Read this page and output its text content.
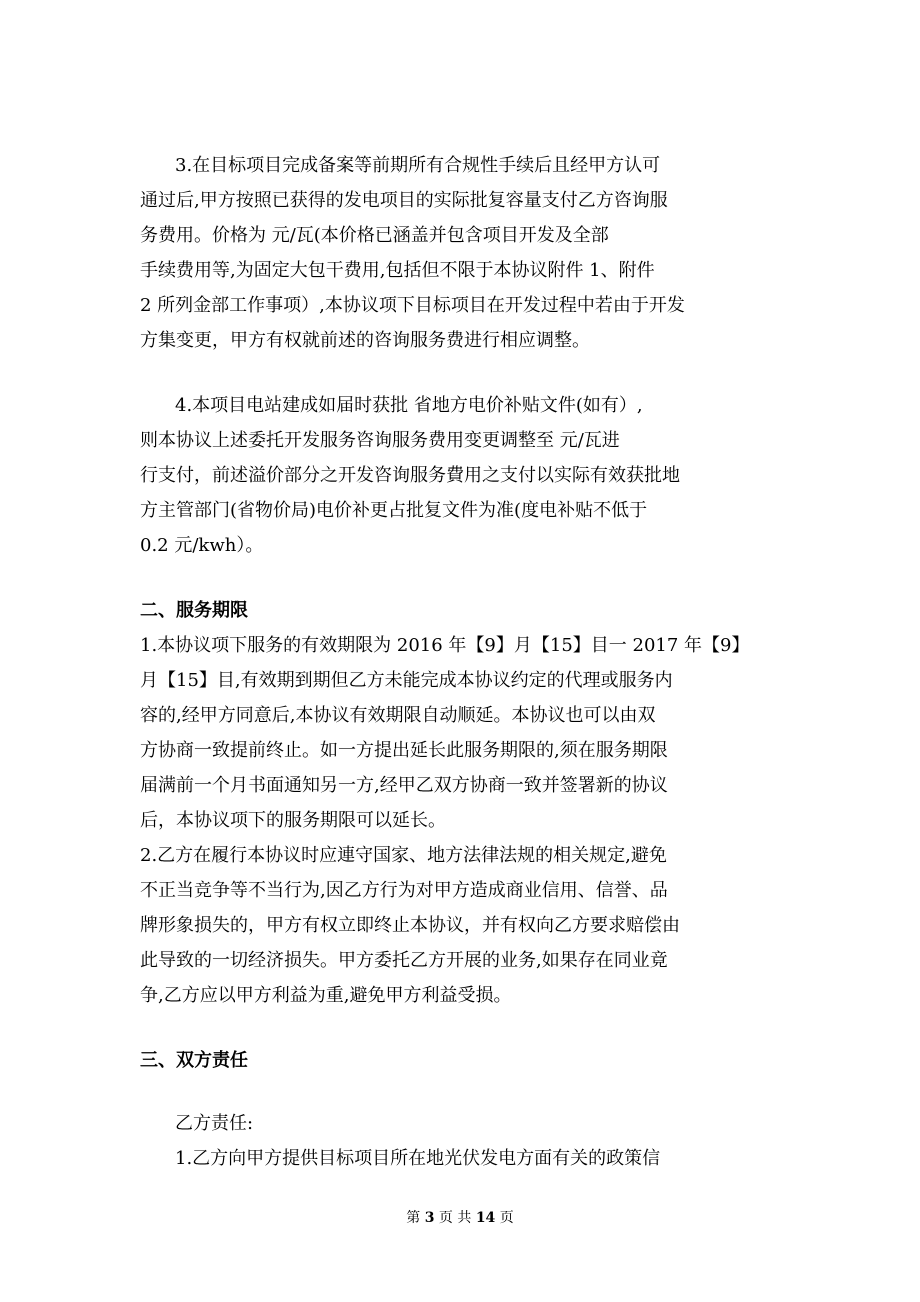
3.在目标项目完成备案等前期所有合规性手续后且经甲方认可
通过后,甲方按照已获得的发电项目的实际批复容量支付乙方咨询服
务费用。价格为 元/瓦(本价格已涵盖并包含项目开发及全部
手续费用等,为固定大包干费用,包括但不限于本协议附件 1、附件
2 所列金部工作事项）,本协议项下目标项目在开发过程中若由于开发
方集变更，甲方有权就前述的咨询服务费进行相应调整。
4.本项目电站建成如届时获批 省地方电价补贴文件(如有）,
则本协议上述委托开发服务咨询服务费用变更调整至 元/瓦进
行支付，前述溢价部分之开发咨询服务費用之支付以实际有效获批地
方主管部门(省物价局)电价补更占批复文件为准(度电补贴不低于
0.2 元/kwh）。
二、服务期限
1.本协议项下服务的有效期限为 2016 年【9】月【15】目一 2017 年【9】
月【15】目,有效期到期但乙方未能完成本协议约定的代理或服务内
容的,经甲方同意后,本协议有效期限自动顺延。本协议也可以由双
方协商一致提前终止。如一方提出延长此服务期限的,须在服务期限
届满前一个月书面通知另一方,经甲乙双方协商一致并签署新的协议
后，本协议项下的服务期限可以延长。
2.乙方在履行本协议时应連守国家、地方法律法规的相关规定,避免
不正当竞争等不当行为,因乙方行为对甲方造成商业信用、信誉、品
牌形象损失的，甲方有权立即终止本协议，并有权向乙方要求赔偿由
此导致的一切经济损失。甲方委托乙方开展的业务,如果存在同业竟
争,乙方应以甲方利益为重,避免甲方利益受损。
三、双方责任
乙方责任:
1.乙方向甲方提供目标项目所在地光伏发电方面有关的政策信
第 3 页 共 14 页
